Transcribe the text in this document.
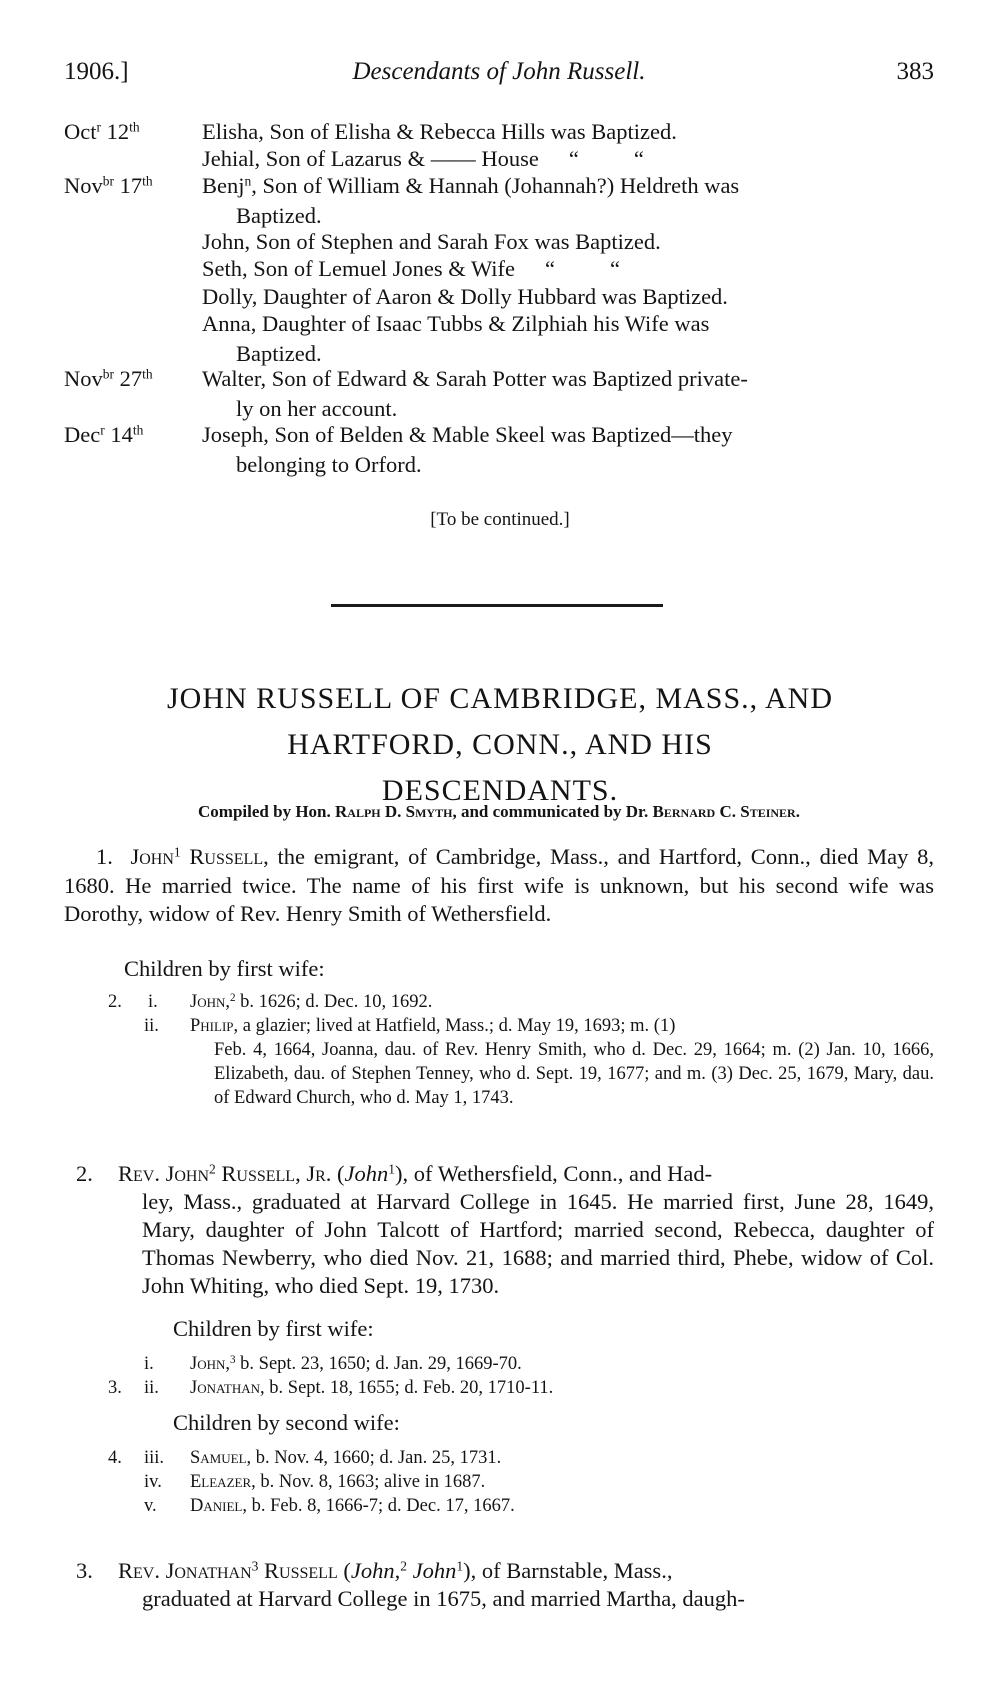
1906.]	Descendants of John Russell.	383
Oct$^r$ 12th	Elisha, Son of Elisha & Rebecca Hills was Baptized.
Jehial, Son of Lazarus & —— House “ “
Nov$^{br}$ 17th Benj$^n$, Son of William & Hannah (Johannah?) Heldreth was
Baptized.
John, Son of Stephen and Sarah Fox was Baptized.
Seth, Son of Lemuel Jones & Wife “ “
Dolly, Daughter of Aaron & Dolly Hubbard was Baptized.
Anna, Daughter of Isaac Tubbs & Zilphiah his Wife was
Baptized.
Nov$^{br}$ 27th Walter, Son of Edward & Sarah Potter was Baptized private-
ly on her account.
Dec$^r$ 14th	Joseph, Son of Belden & Mable Skeel was Baptized—they
belonging to Orford.
[To be continued.]
JOHN RUSSELL OF CAMBRIDGE, MASS., AND
HARTFORD, CONN., AND HIS
DESCENDANTS.
Compiled by Hon. Ralph D. Smyth, and communicated by Dr. Bernard C. Steiner.

1. John$^1$ Russell, the emigrant, of Cambridge, Mass., and Hartford, Conn., died May 8, 1680. He married twice. The name of his first wife is unknown, but his second wife was Dorothy, widow of Rev. Henry Smith of Wethersfield.

Children by first wife:
2.	i.	John,$^2$ b. 1626; d. Dec. 10, 1692.
ii.	Philip, a glazier; lived at Hatfield, Mass.; d. May 19, 1693; m. (1)
Feb. 4, 1664, Joanna, dau. of Rev. Henry Smith, who d. Dec. 29, 1664; m. (2) Jan. 10, 1666, Elizabeth, dau. of Stephen Tenney, who d. Sept. 19, 1677; and m. (3) Dec. 25, 1679, Mary, dau. of Edward Church, who d. May 1, 1743.
2. Rev. John$^2$ Russell, Jr. (John$^1$), of Wethersfield, Conn., and Had-
ley, Mass., graduated at Harvard College in 1645. He married first, June 28, 1649, Mary, daughter of John Talcott of Hartford; married second, Rebecca, daughter of Thomas Newberry, who died Nov. 21, 1688; and married third, Phebe, widow of Col. John Whiting, who died Sept. 19, 1730.
Children by first wife:
i.	John,$^3$ b. Sept. 23, 1650; d. Jan. 29, 1669-70.
3.	ii.	Jonathan, b. Sept. 18, 1655; d. Feb. 20, 1710-11.
Children by second wife:
4.	iii.	Samuel, b. Nov. 4, 1660; d. Jan. 25, 1731.
iv.	Eleazer, b. Nov. 8, 1663; alive in 1687.
v.	Daniel, b. Feb. 8, 1666-7; d. Dec. 17, 1667.
3. Rev. Jonathan$^3$ Russell (John,$^2$ John$^1$), of Barnstable, Mass.,
graduated at Harvard College in 1675, and married Martha, daugh-
